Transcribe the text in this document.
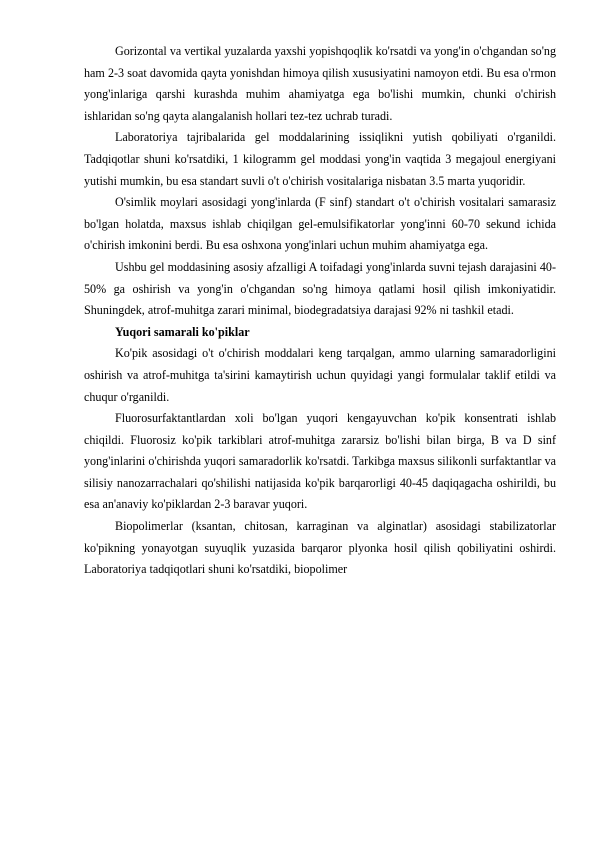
Gorizontal va vertikal yuzalarda yaxshi yopishqoqlik ko'rsatdi va yong'in o'chgandan so'ng ham 2-3 soat davomida qayta yonishdan himoya qilish xususiyatini namoyon etdi. Bu esa o'rmon yong'inlariga qarshi kurashda muhim ahamiyatga ega bo'lishi mumkin, chunki o'chirish ishlaridan so'ng qayta alangalanish hollari tez-tez uchrab turadi.

Laboratoriya tajribalarida gel moddalarining issiqlikni yutish qobiliyati o'rganildi. Tadqiqotlar shuni ko'rsatdiki, 1 kilogramm gel moddasi yong'in vaqtida 3 megajoul energiyani yutishi mumkin, bu esa standart suvli o't o'chirish vositalariga nisbatan 3.5 marta yuqoridir.

O'simlik moylari asosidagi yong'inlarda (F sinf) standart o't o'chirish vositalari samarasiz bo'lgan holatda, maxsus ishlab chiqilgan gel-emulsifikatorlar yong'inni 60-70 sekund ichida o'chirish imkonini berdi. Bu esa oshxona yong'inlari uchun muhim ahamiyatga ega.

Ushbu gel moddasining asosiy afzalligi A toifadagi yong'inlarda suvni tejash darajasini 40-50% ga oshirish va yong'in o'chgandan so'ng himoya qatlami hosil qilish imkoniyatidir. Shuningdek, atrof-muhitga zarari minimal, biodegradatsiya darajasi 92% ni tashkil etadi.

Yuqori samarali ko'piklar

Ko'pik asosidagi o't o'chirish moddalari keng tarqalgan, ammo ularning samaradorligini oshirish va atrof-muhitga ta'sirini kamaytirish uchun quyidagi yangi formulalar taklif etildi va chuqur o'rganildi.

Fluorosurfaktantlardan xoli bo'lgan yuqori kengayuvchan ko'pik konsentrati ishlab chiqildi. Fluorosiz ko'pik tarkiblari atrof-muhitga zararsiz bo'lishi bilan birga, B va D sinf yong'inlarini o'chirishda yuqori samaradorlik ko'rsatdi. Tarkibga maxsus silikonli surfaktantlar va silisiy nanozarrachalari qo'shilishi natijasida ko'pik barqarorligi 40-45 daqiqagacha oshirildi, bu esa an'anaviy ko'piklardan 2-3 baravar yuqori.

Biopolimerlar (ksantan, chitosan, karraginan va alginatlar) asosidagi stabilizatorlar ko'pikning yonayotgan suyuqlik yuzasida barqaror plyonka hosil qilish qobiliyatini oshirdi. Laboratoriya tadqiqotlari shuni ko'rsatdiki, biopolimer
